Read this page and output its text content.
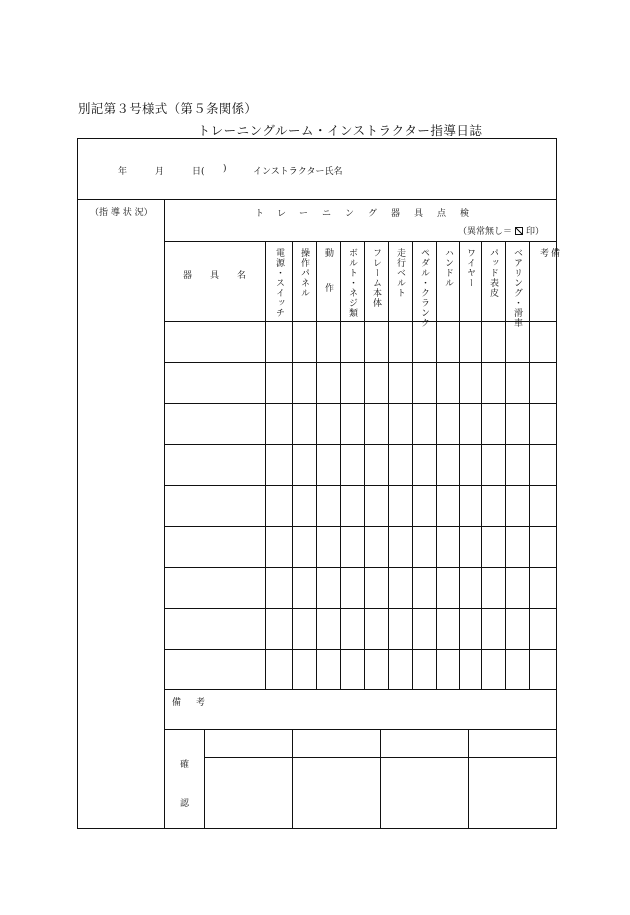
別記第３号様式（第５条関係）
トレーニングルーム・インストラクター指導日誌
年	月	日( )	インストラクター氏名
（指 導 状 況）	ト レ ー ニ ン グ 器 具 点 検
（異常無し＝ 印）
器 具 名	電源・スイッチ 操作パネル 動作 ボルト・ネジ類 フレーム本体 走行ベルト ペダル・クランク ハンドル ワイヤー パッド表皮 ベアリング・滑車	備考
備　考
確
認
